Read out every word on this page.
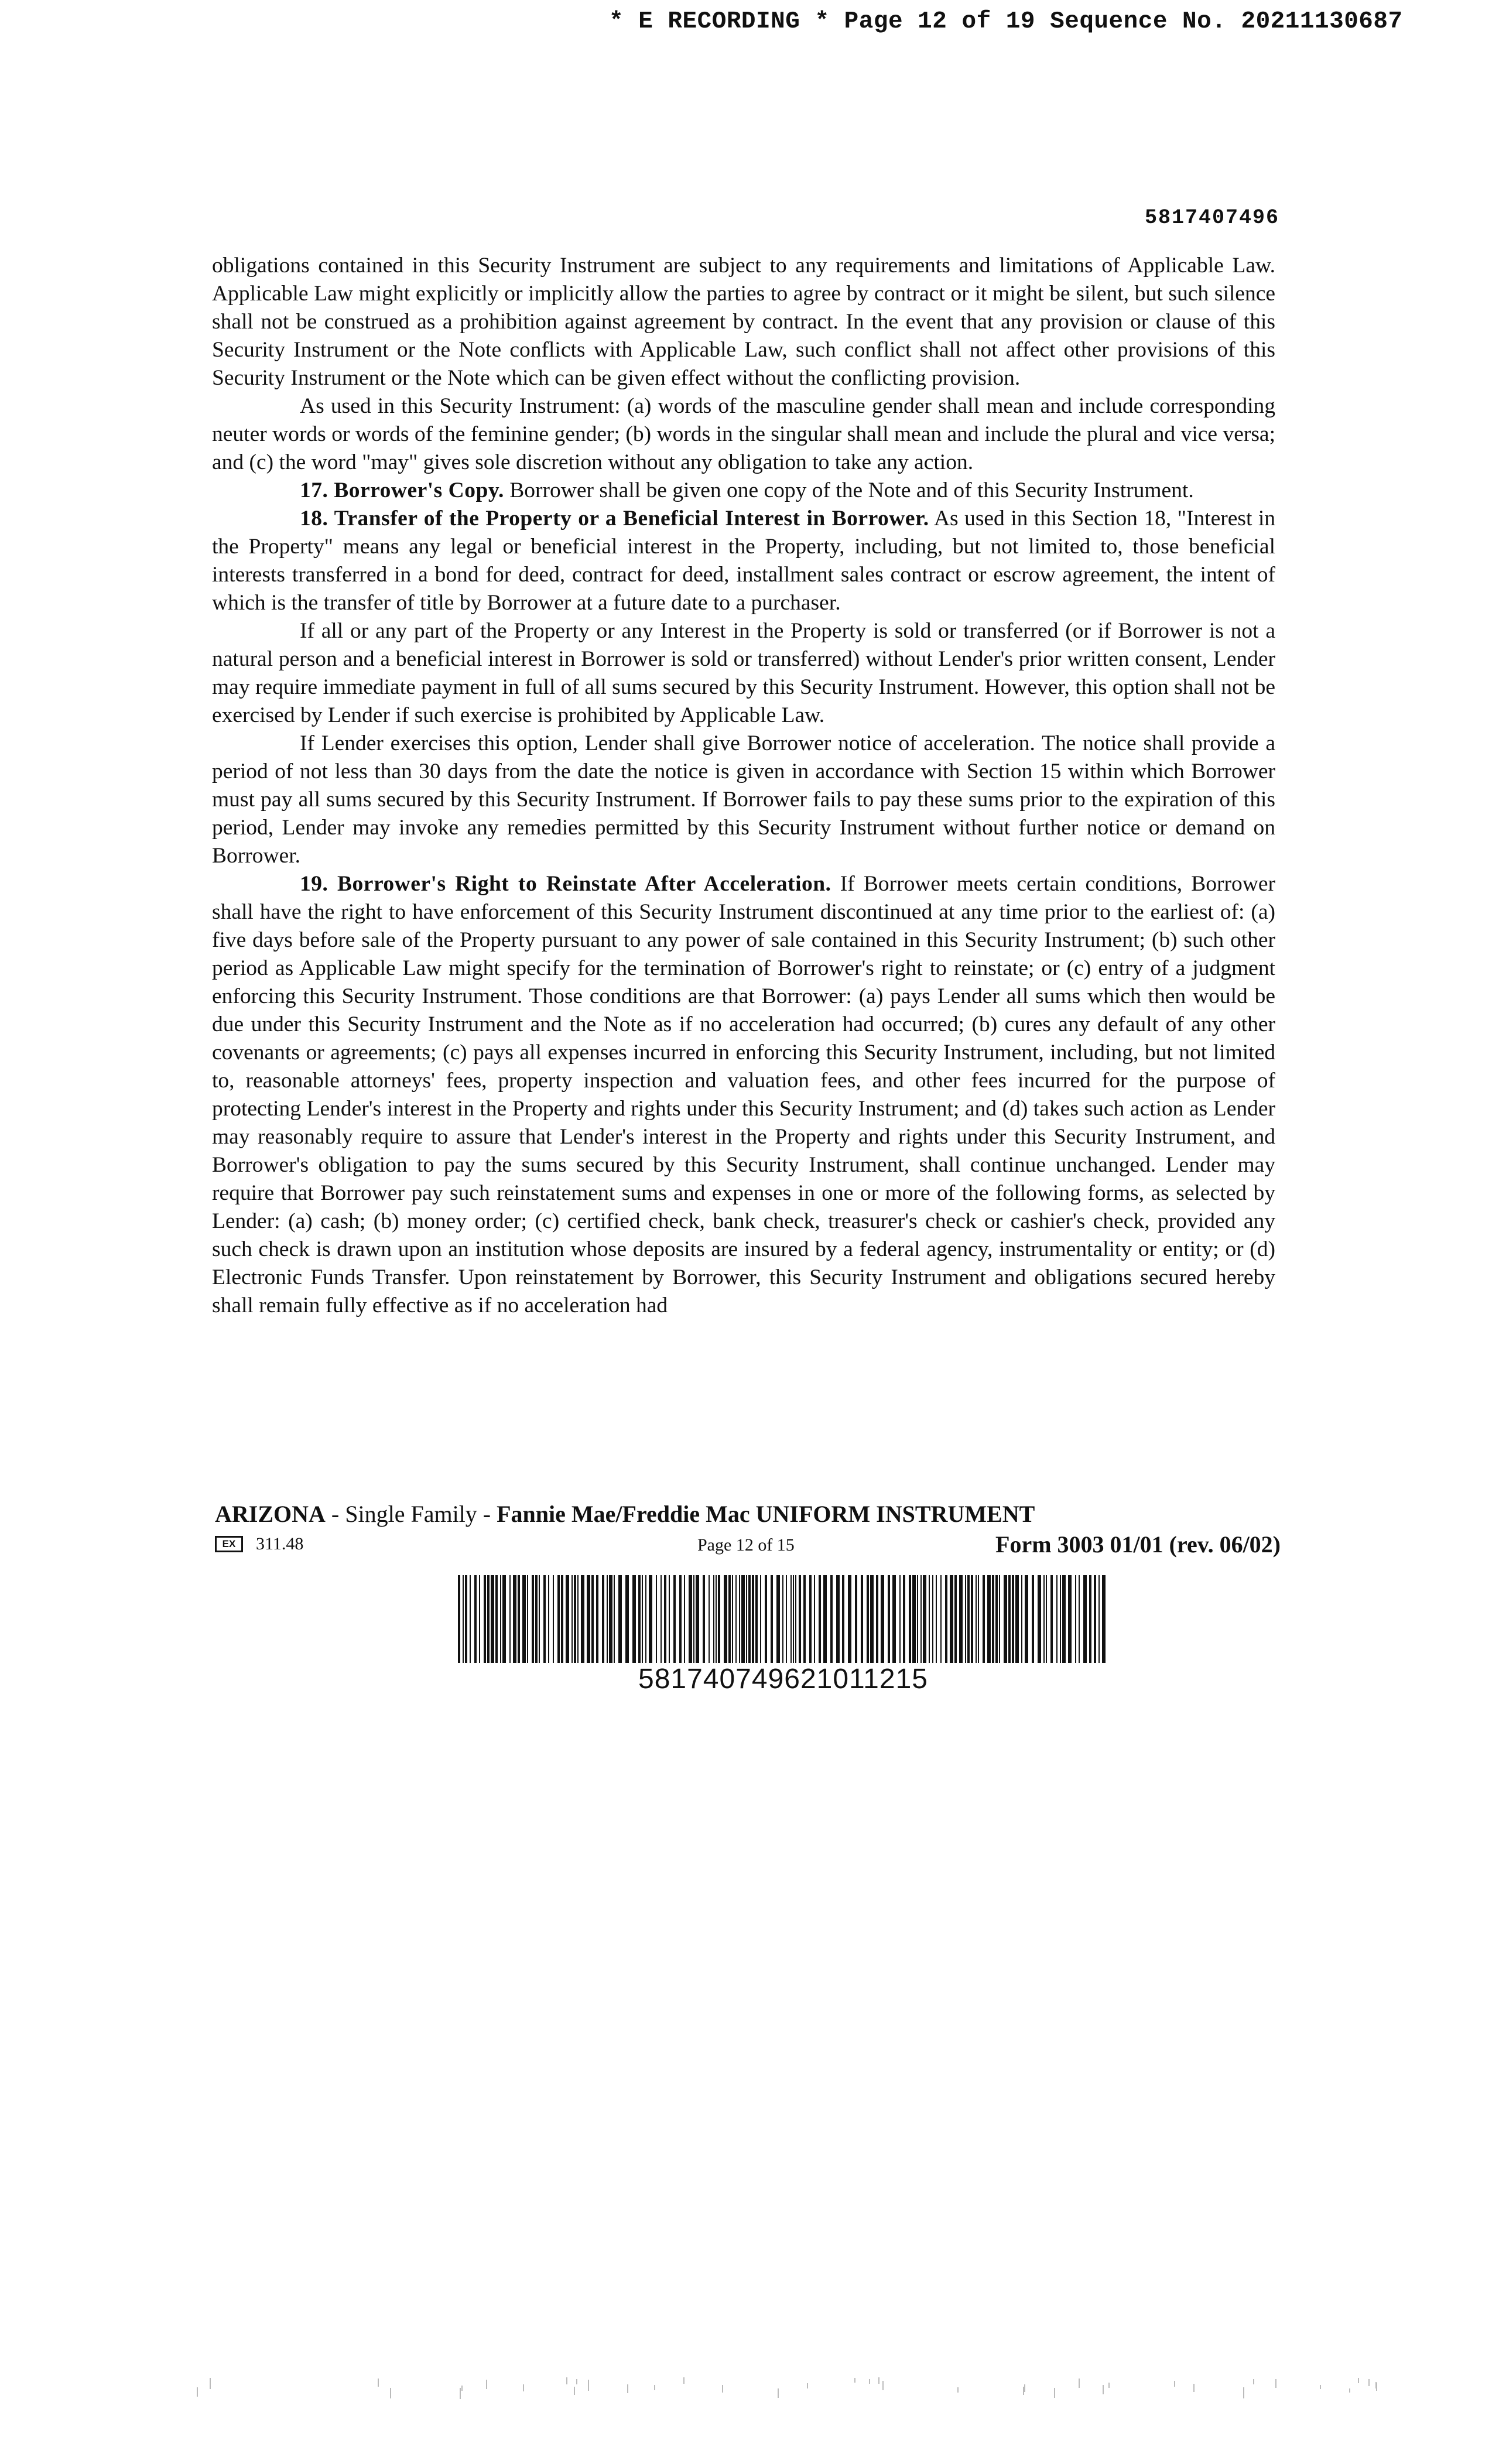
* E RECORDING * Page 12 of 19 Sequence No. 20211130687
5817407496

obligations contained in this Security Instrument are subject to any requirements and limitations of Applicable Law. Applicable Law might explicitly or implicitly allow the parties to agree by contract or it might be silent, but such silence shall not be construed as a prohibition against agreement by contract. In the event that any provision or clause of this Security Instrument or the Note conflicts with Applicable Law, such conflict shall not affect other provisions of this Security Instrument or the Note which can be given effect without the conflicting provision.

As used in this Security Instrument: (a) words of the masculine gender shall mean and include corresponding neuter words or words of the feminine gender; (b) words in the singular shall mean and include the plural and vice versa; and (c) the word "may" gives sole discretion without any obligation to take any action.

17. Borrower's Copy. Borrower shall be given one copy of the Note and of this Security Instrument.

18. Transfer of the Property or a Beneficial Interest in Borrower. As used in this Section 18, "Interest in the Property" means any legal or beneficial interest in the Property, including, but not limited to, those beneficial interests transferred in a bond for deed, contract for deed, installment sales contract or escrow agreement, the intent of which is the transfer of title by Borrower at a future date to a purchaser.

If all or any part of the Property or any Interest in the Property is sold or transferred (or if Borrower is not a natural person and a beneficial interest in Borrower is sold or transferred) without Lender's prior written consent, Lender may require immediate payment in full of all sums secured by this Security Instrument. However, this option shall not be exercised by Lender if such exercise is prohibited by Applicable Law.

If Lender exercises this option, Lender shall give Borrower notice of acceleration. The notice shall provide a period of not less than 30 days from the date the notice is given in accordance with Section 15 within which Borrower must pay all sums secured by this Security Instrument. If Borrower fails to pay these sums prior to the expiration of this period, Lender may invoke any remedies permitted by this Security Instrument without further notice or demand on Borrower.

19. Borrower's Right to Reinstate After Acceleration. If Borrower meets certain conditions, Borrower shall have the right to have enforcement of this Security Instrument discontinued at any time prior to the earliest of: (a) five days before sale of the Property pursuant to any power of sale contained in this Security Instrument; (b) such other period as Applicable Law might specify for the termination of Borrower's right to reinstate; or (c) entry of a judgment enforcing this Security Instrument. Those conditions are that Borrower: (a) pays Lender all sums which then would be due under this Security Instrument and the Note as if no acceleration had occurred; (b) cures any default of any other covenants or agreements; (c) pays all expenses incurred in enforcing this Security Instrument, including, but not limited to, reasonable attorneys' fees, property inspection and valuation fees, and other fees incurred for the purpose of protecting Lender's interest in the Property and rights under this Security Instrument; and (d) takes such action as Lender may reasonably require to assure that Lender's interest in the Property and rights under this Security Instrument, and Borrower's obligation to pay the sums secured by this Security Instrument, shall continue unchanged. Lender may require that Borrower pay such reinstatement sums and expenses in one or more of the following forms, as selected by Lender: (a) cash; (b) money order; (c) certified check, bank check, treasurer's check or cashier's check, provided any such check is drawn upon an institution whose deposits are insured by a federal agency, instrumentality or entity; or (d) Electronic Funds Transfer. Upon reinstatement by Borrower, this Security Instrument and obligations secured hereby shall remain fully effective as if no acceleration had

ARIZONA - Single Family - Fannie Mae/Freddie Mac UNIFORM INSTRUMENT
EX	311.48	Page 12 of 15	Form 3003 01/01 (rev. 06/02)
581740749621011215
